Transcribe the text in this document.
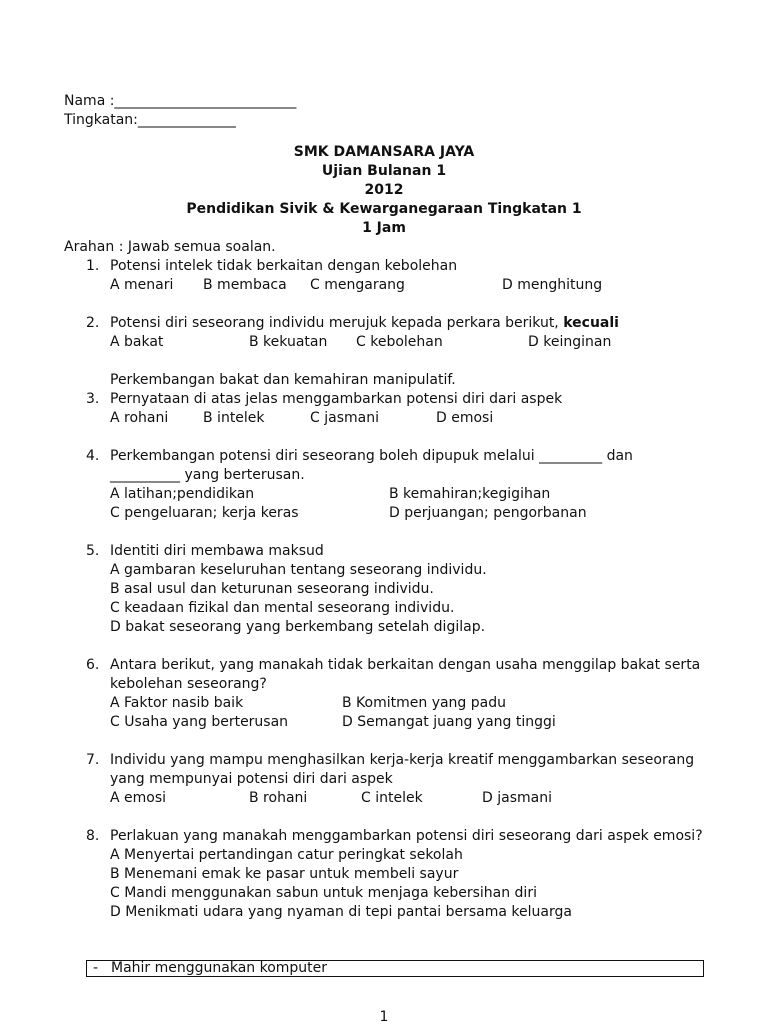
Nama :__________________________
Tingkatan:______________
SMK DAMANSARA JAYA
Ujian Bulanan 1
2012
Pendidikan Sivik & Kewarganegaraan Tingkatan 1
1 Jam
Arahan : Jawab semua soalan.
1. Potensi intelek tidak berkaitan dengan kebolehan
A menari B membaca C mengarang	D menghitung
2. Potensi diri seseorang individu merujuk kepada perkara berikut, kecuali
A bakat	B kekuatan C kebolehan	D keinginan
Perkembangan bakat dan kemahiran manipulatif.
3. Pernyataan di atas jelas menggambarkan potensi diri dari aspek
A rohani B intelek	C jasmani	D emosi
4. Perkembangan potensi diri seseorang boleh dipupuk melalui _________ dan
__________ yang berterusan.
A latihan;pendidikan	B kemahiran;kegigihan
C pengeluaran; kerja keras	D perjuangan; pengorbanan
5. Identiti diri membawa maksud
A gambaran keseluruhan tentang seseorang individu.
B asal usul dan keturunan seseorang individu.
C keadaan fizikal dan mental seseorang individu.
D bakat seseorang yang berkembang setelah digilap.
6. Antara berikut, yang manakah tidak berkaitan dengan usaha menggilap bakat serta
kebolehan seseorang?
A Faktor nasib baik	B Komitmen yang padu
C Usaha yang berterusan	D Semangat juang yang tinggi
7. Individu yang mampu menghasilkan kerja-kerja kreatif menggambarkan seseorang
yang mempunyai potensi diri dari aspek
A emosi	B rohani	C intelek	D jasmani
8. Perlakuan yang manakah menggambarkan potensi diri seseorang dari aspek emosi?
A Menyertai pertandingan catur peringkat sekolah
B Menemani emak ke pasar untuk membeli sayur
C Mandi menggunakan sabun untuk menjaga kebersihan diri
D Menikmati udara yang nyaman di tepi pantai bersama keluarga
- Mahir menggunakan komputer
1
